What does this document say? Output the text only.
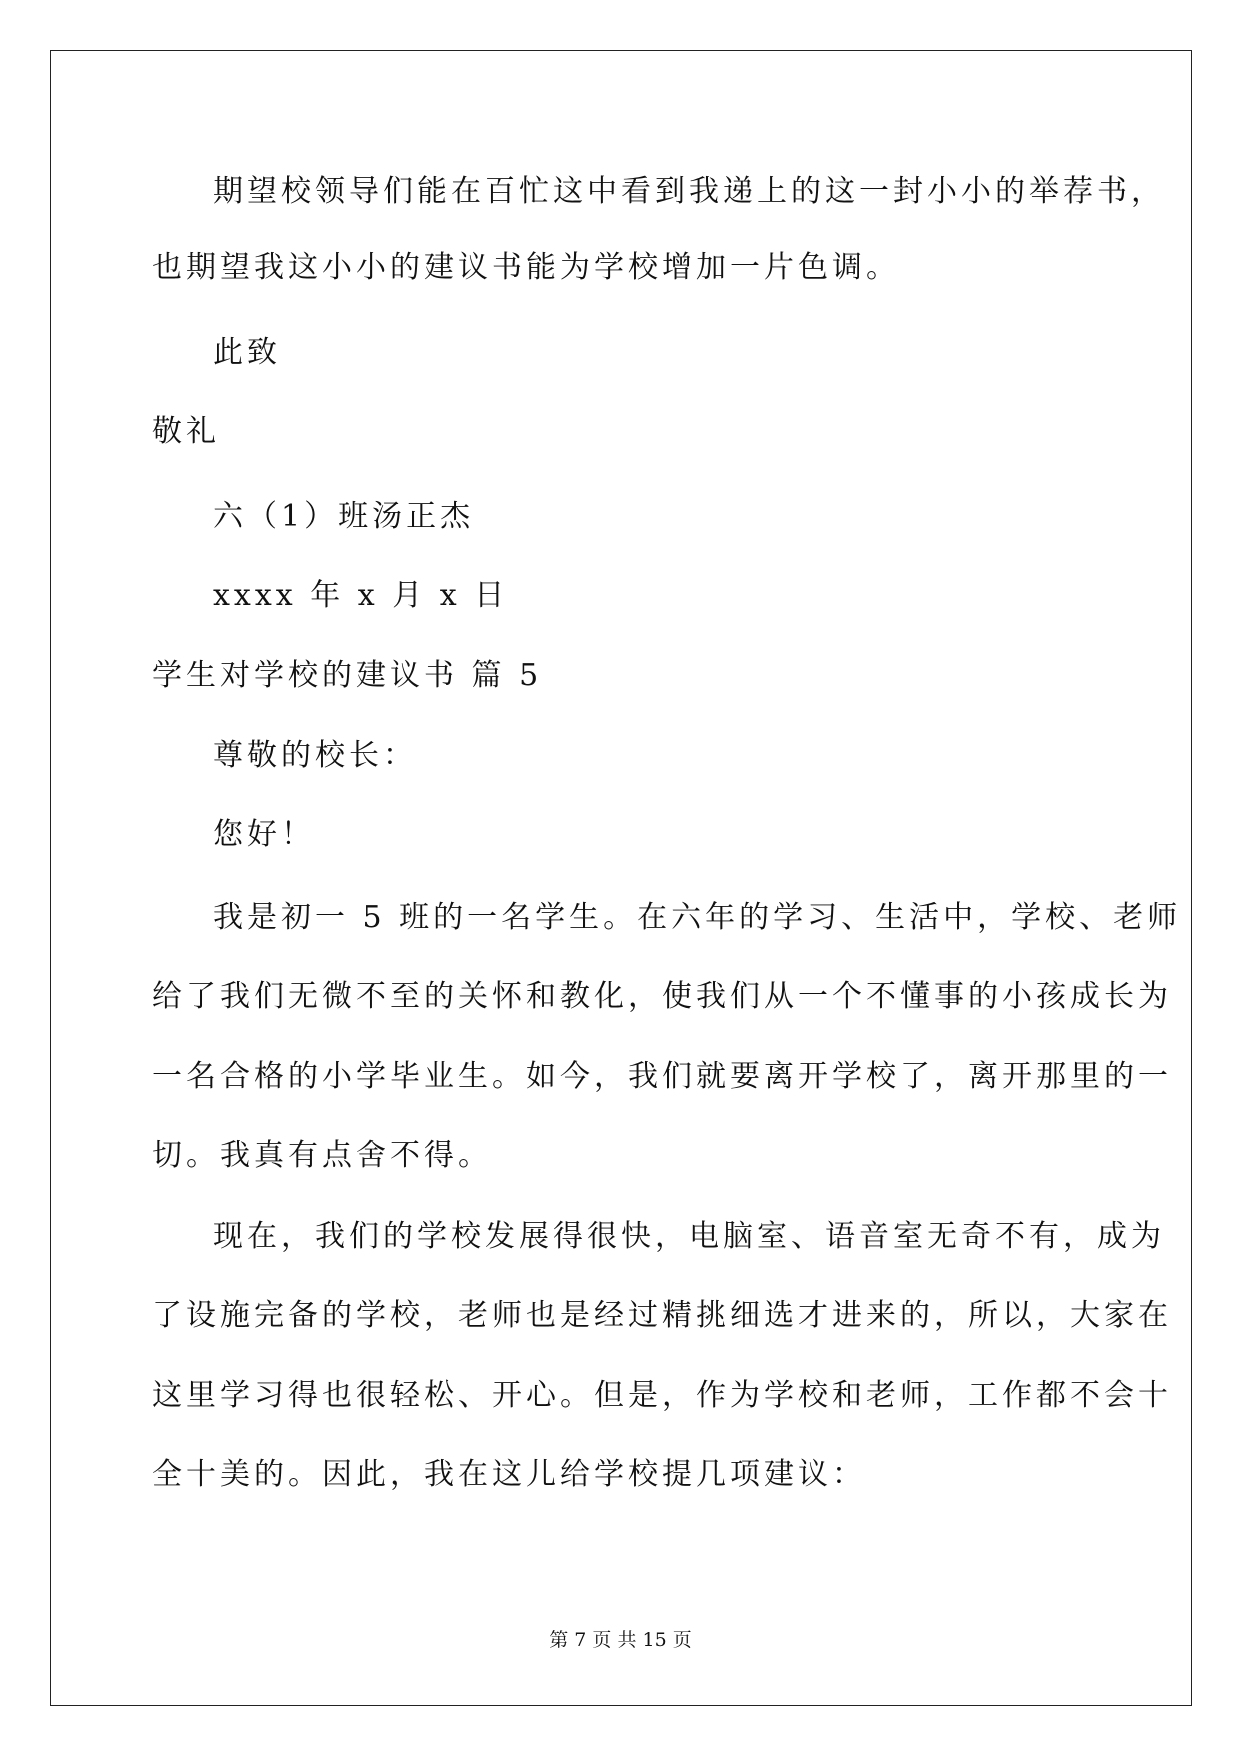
期望校领导们能在百忙这中看到我递上的这一封小小的举荐书，
也期望我这小小的建议书能为学校增加一片色调。
此致
敬礼
六（1）班汤正杰
xxxx 年 x 月 x 日
学生对学校的建议书 篇 5
尊敬的校长：
您好！
我是初一 5 班的一名学生。在六年的学习、生活中，学校、老师
给了我们无微不至的关怀和教化，使我们从一个不懂事的小孩成长为
一名合格的小学毕业生。如今，我们就要离开学校了，离开那里的一
切。我真有点舍不得。
现在，我们的学校发展得很快，电脑室、语音室无奇不有，成为
了设施完备的学校，老师也是经过精挑细选才进来的，所以，大家在
这里学习得也很轻松、开心。但是，作为学校和老师，工作都不会十
全十美的。因此，我在这儿给学校提几项建议：
第 7 页 共 15 页
